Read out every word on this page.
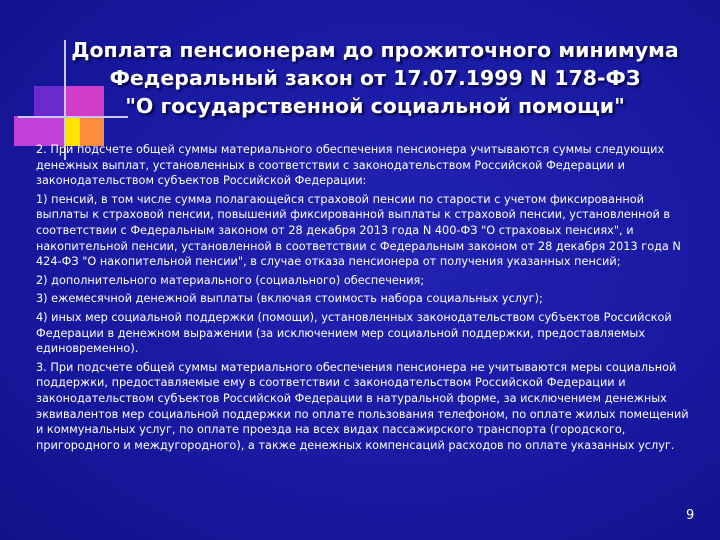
Доплата пенсионерам до прожиточного минимума
Федеральный закон от 17.07.1999 N 178-ФЗ
"О государственной социальной помощи"

2. При подсчете общей суммы материального обеспечения пенсионера учитываются суммы следующих денежных выплат, установленных в соответствии с законодательством Российской Федерации и законодательством субъектов Российской Федерации:

1) пенсий, в том числе сумма полагающейся страховой пенсии по старости с учетом фиксированной выплаты к страховой пенсии, повышений фиксированной выплаты к страховой пенсии, установленной в соответствии с Федеральным законом от 28 декабря 2013 года N 400-ФЗ "О страховых пенсиях", и накопительной пенсии, установленной в соответствии с Федеральным законом от 28 декабря 2013 года N 424-ФЗ "О накопительной пенсии", в случае отказа пенсионера от получения указанных пенсий;

2) дополнительного материального (социального) обеспечения;

3) ежемесячной денежной выплаты (включая стоимость набора социальных услуг);

4) иных мер социальной поддержки (помощи), установленных законодательством субъектов Российской Федерации в денежном выражении (за исключением мер социальной поддержки, предоставляемых единовременно).

3. При подсчете общей суммы материального обеспечения пенсионера не учитываются меры социальной поддержки, предоставляемые ему в соответствии с законодательством Российской Федерации и законодательством субъектов Российской Федерации в натуральной форме, за исключением денежных эквивалентов мер социальной поддержки по оплате пользования телефоном, по оплате жилых помещений и коммунальных услуг, по оплате проезда на всех видах пассажирского транспорта (городского, пригородного и междугородного), а также денежных компенсаций расходов по оплате указанных услуг.

9
